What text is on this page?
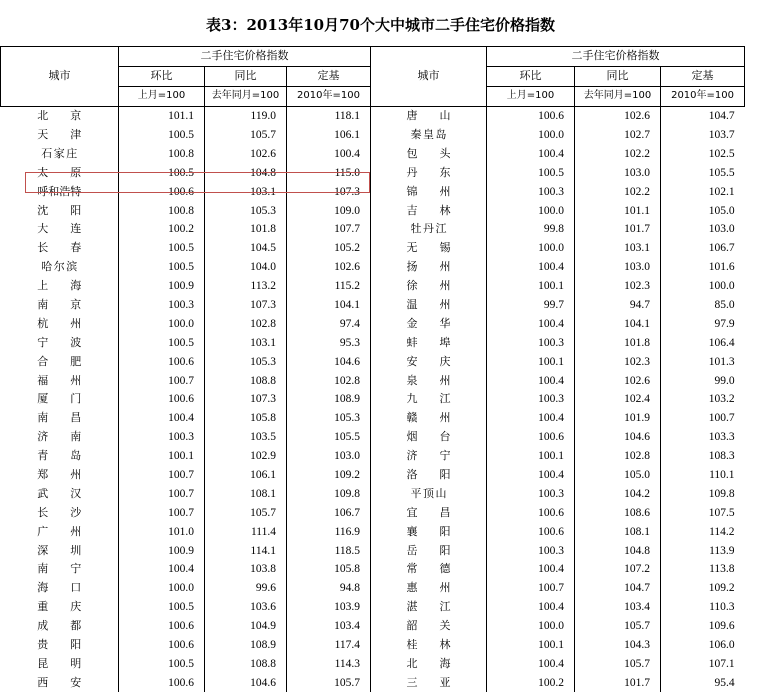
表3：2013年10月70个大中城市二手住宅价格指数
城市	二手住宅价格指数			城市	二手住宅价格指数		
	环比	同比	定基		环比	同比	定基
	上月=100	去年同月=100	2010年=100		上月=100	去年同月=100	2010年=100
北京	101.1	119.0	118.1	唐山	100.6	102.6	104.7
天津	100.5	105.7	106.1	秦皇岛	100.0	102.7	103.7
石家庄	100.8	102.6	100.4	包头	100.4	102.2	102.5
太原	100.5	104.8	115.0	丹东	100.5	103.0	105.5
呼和浩特	100.6	103.1	107.3	锦州	100.3	102.2	102.1
沈阳	100.8	105.3	109.0	吉林	100.0	101.1	105.0
大连	100.2	101.8	107.7	牡丹江	99.8	101.7	103.0
长春	100.5	104.5	105.2	无锡	100.0	103.1	106.7
哈尔滨	100.5	104.0	102.6	扬州	100.4	103.0	101.6
上海	100.9	113.2	115.2	徐州	100.1	102.3	100.0
南京	100.3	107.3	104.1	温州	99.7	94.7	85.0
杭州	100.0	102.8	97.4	金华	100.4	104.1	97.9
宁波	100.5	103.1	95.3	蚌埠	100.3	101.8	106.4
合肥	100.6	105.3	104.6	安庆	100.1	102.3	101.3
福州	100.7	108.8	102.8	泉州	100.4	102.6	99.0
厦门	100.6	107.3	108.9	九江	100.3	102.4	103.2
南昌	100.4	105.8	105.3	赣州	100.4	101.9	100.7
济南	100.3	103.5	105.5	烟台	100.6	104.6	103.3
青岛	100.1	102.9	103.0	济宁	100.1	102.8	108.3
郑州	100.7	106.1	109.2	洛阳	100.4	105.0	110.1
武汉	100.7	108.1	109.8	平顶山	100.3	104.2	109.8
长沙	100.7	105.7	106.7	宜昌	100.6	108.6	107.5
广州	101.0	111.4	116.9	襄阳	100.6	108.1	114.2
深圳	100.9	114.1	118.5	岳阳	100.3	104.8	113.9
南宁	100.4	103.8	105.8	常德	100.4	107.2	113.8
海口	100.0	99.6	94.8	惠州	100.7	104.7	109.2
重庆	100.5	103.6	103.9	湛江	100.4	103.4	110.3
成都	100.6	104.9	103.4	韶关	100.0	105.7	109.6
贵阳	100.6	108.9	117.4	桂林	100.1	104.3	106.0
昆明	100.5	108.8	114.3	北海	100.4	105.7	107.1
西安	100.6	104.6	105.7	三亚	100.2	101.7	95.4
